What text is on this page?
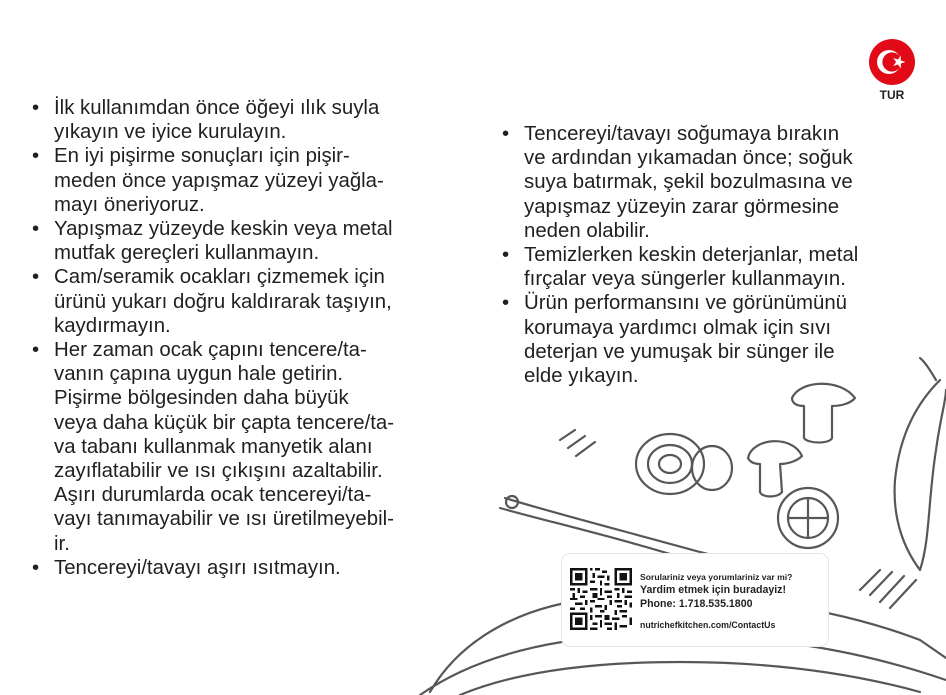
TUR
• İlk kullanımdan önce öğeyi ılık suyla
yıkayın ve iyice kurulayın.
• En iyi pişirme sonuçları için pişir-
meden önce yapışmaz yüzeyi yağla-
mayı öneriyoruz.
• Yapışmaz yüzeyde keskin veya metal
mutfak gereçleri kullanmayın.
• Cam/seramik ocakları çizmemek için
ürünü yukarı doğru kaldırarak taşıyın,
kaydırmayın.
• Her zaman ocak çapını tencere/ta-
vanın çapına uygun hale getirin.
Pişirme bölgesinden daha büyük
veya daha küçük bir çapta tencere/ta-
va tabanı kullanmak manyetik alanı
zayıflatabilir ve ısı çıkışını azaltabilir.
Aşırı durumlarda ocak tencereyi/ta-
vayı tanımayabilir ve ısı üretilmeyebil-
ir.
• Tencereyi/tavayı aşırı ısıtmayın.
• Tencereyi/tavayı soğumaya bırakın
ve ardından yıkamadan önce; soğuk
suya batırmak, şekil bozulmasına ve
yapışmaz yüzeyin zarar görmesine
neden olabilir.
• Temizlerken keskin deterjanlar, metal
fırçalar veya süngerler kullanmayın.
• Ürün performansını ve görünümünü
korumaya yardımcı olmak için sıvı
deterjan ve yumuşak bir sünger ile
elde yıkayın.
Sorulariniz veya yorumlariniz var mi?
Yardim etmek için buradayiz!
Phone: 1.718.535.1800
nutrichefkitchen.com/ContactUs
